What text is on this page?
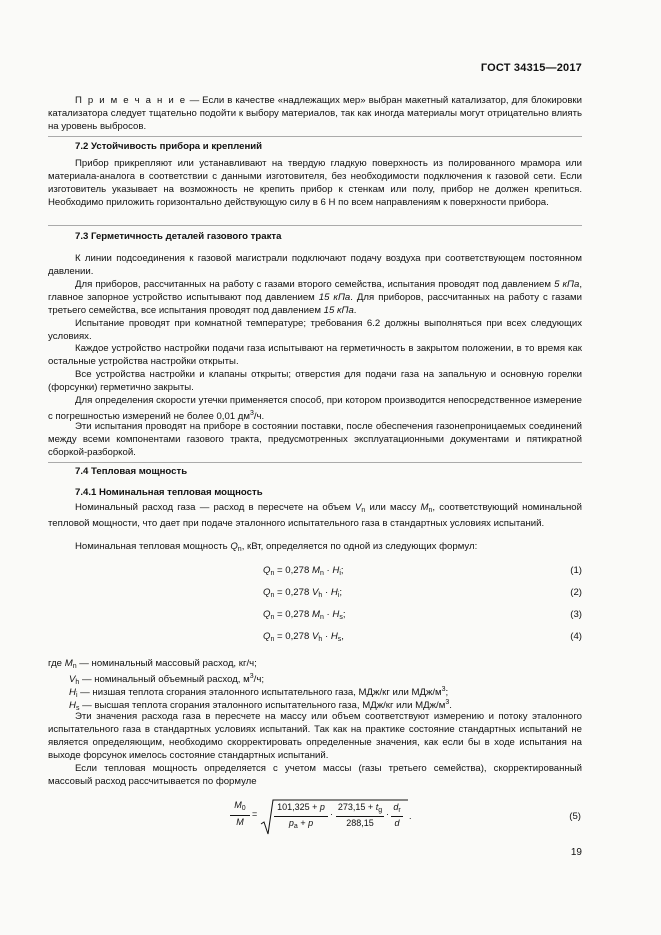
ГОСТ 34315—2017
П р и м е ч а н и е — Если в качестве «надлежащих мер» выбран макетный катализатор, для блокировки катализатора следует тщательно подойти к выбору материалов, так как иногда материалы могут отрицательно влиять на уровень выбросов.
7.2 Устойчивость прибора и креплений
Прибор прикрепляют или устанавливают на твердую гладкую поверхность из полированного мрамора или материала-аналога в соответствии с данными изготовителя, без необходимости подключения к газовой сети. Если изготовитель указывает на возможность не крепить прибор к стенкам или полу, прибор не должен крепиться. Необходимо приложить горизонтально действующую силу в 6 Н по всем направлениям к поверхности прибора.
7.3 Герметичность деталей газового тракта
К линии подсоединения к газовой магистрали подключают подачу воздуха при соответствующем постоянном давлении.
Для приборов, рассчитанных на работу с газами второго семейства, испытания проводят под давлением 5 кПа, главное запорное устройство испытывают под давлением 15 кПа. Для приборов, рассчитанных на работу с газами третьего семейства, все испытания проводят под давлением 15 кПа.
Испытание проводят при комнатной температуре; требования 6.2 должны выполняться при всех следующих условиях.
Каждое устройство настройки подачи газа испытывают на герметичность в закрытом положении, в то время как остальные устройства настройки открыты.
Все устройства настройки и клапаны открыты; отверстия для подачи газа на запальную и основную горелки (форсунки) герметично закрыты.
Для определения скорости утечки применяется способ, при котором производится непосредственное измерение с погрешностью измерений не более 0,01 $дм^3/ч$.
Эти испытания проводят на приборе в состоянии поставки, после обеспечения газонепроницаемых соединений между всеми компонентами газового тракта, предусмотренных эксплуатационными документами и пятикратной сборкой-разборкой.
7.4 Тепловая мощность
7.4.1 Номинальная тепловая мощность
Номинальный расход газа — расход в пересчете на объем $V_n$ или массу $M_n$, соответствующий номинальной тепловой мощности, что дает при подаче эталонного испытательного газа в стандартных условиях испытаний.
Номинальная тепловая мощность $Q_n$, кВт, определяется по одной из следующих формул:
$Q_n = 0,278$ $M_n \cdot H_i$;	(1)
$Q_n = 0,278$ $V_h \cdot H_i$;	(2)
$Q_n = 0,278$ $M_n \cdot H_s$;	(3)
$Q_n = 0,278$ $V_h \cdot H_s$,	(4)
где $M_n$ — номинальный массовый расход, кг/ч;
$V_h$ — номинальный объемный расход, $м^3/ч$;
$H_i$ — низшая теплота сгорания эталонного испытательного газа, МДж/кг или МДж/$м^3$;
$H_s$ — высшая теплота сгорания эталонного испытательного газа, МДж/кг или МДж/$м^3$.
Эти значения расхода газа в пересчете на массу или объем соответствуют измерению и потоку эталонного испытательного газа в стандартных условиях испытаний. Так как на практике состояние стандартных испытаний не является определяющим, необходимо скорректировать определенные значения, как если бы в ходе испытания на выходе форсунок имелось состояние стандартных испытаний.
Если тепловая мощность определяется с учетом массы (газы третьего семейства), скорректированный массовый расход рассчитывается по формуле
$M_0$
M
=
101,325 + p
$p_a + p$
·
$273,15 + t_g$
288,15
·
$d_r$
d
.	(5)
19
